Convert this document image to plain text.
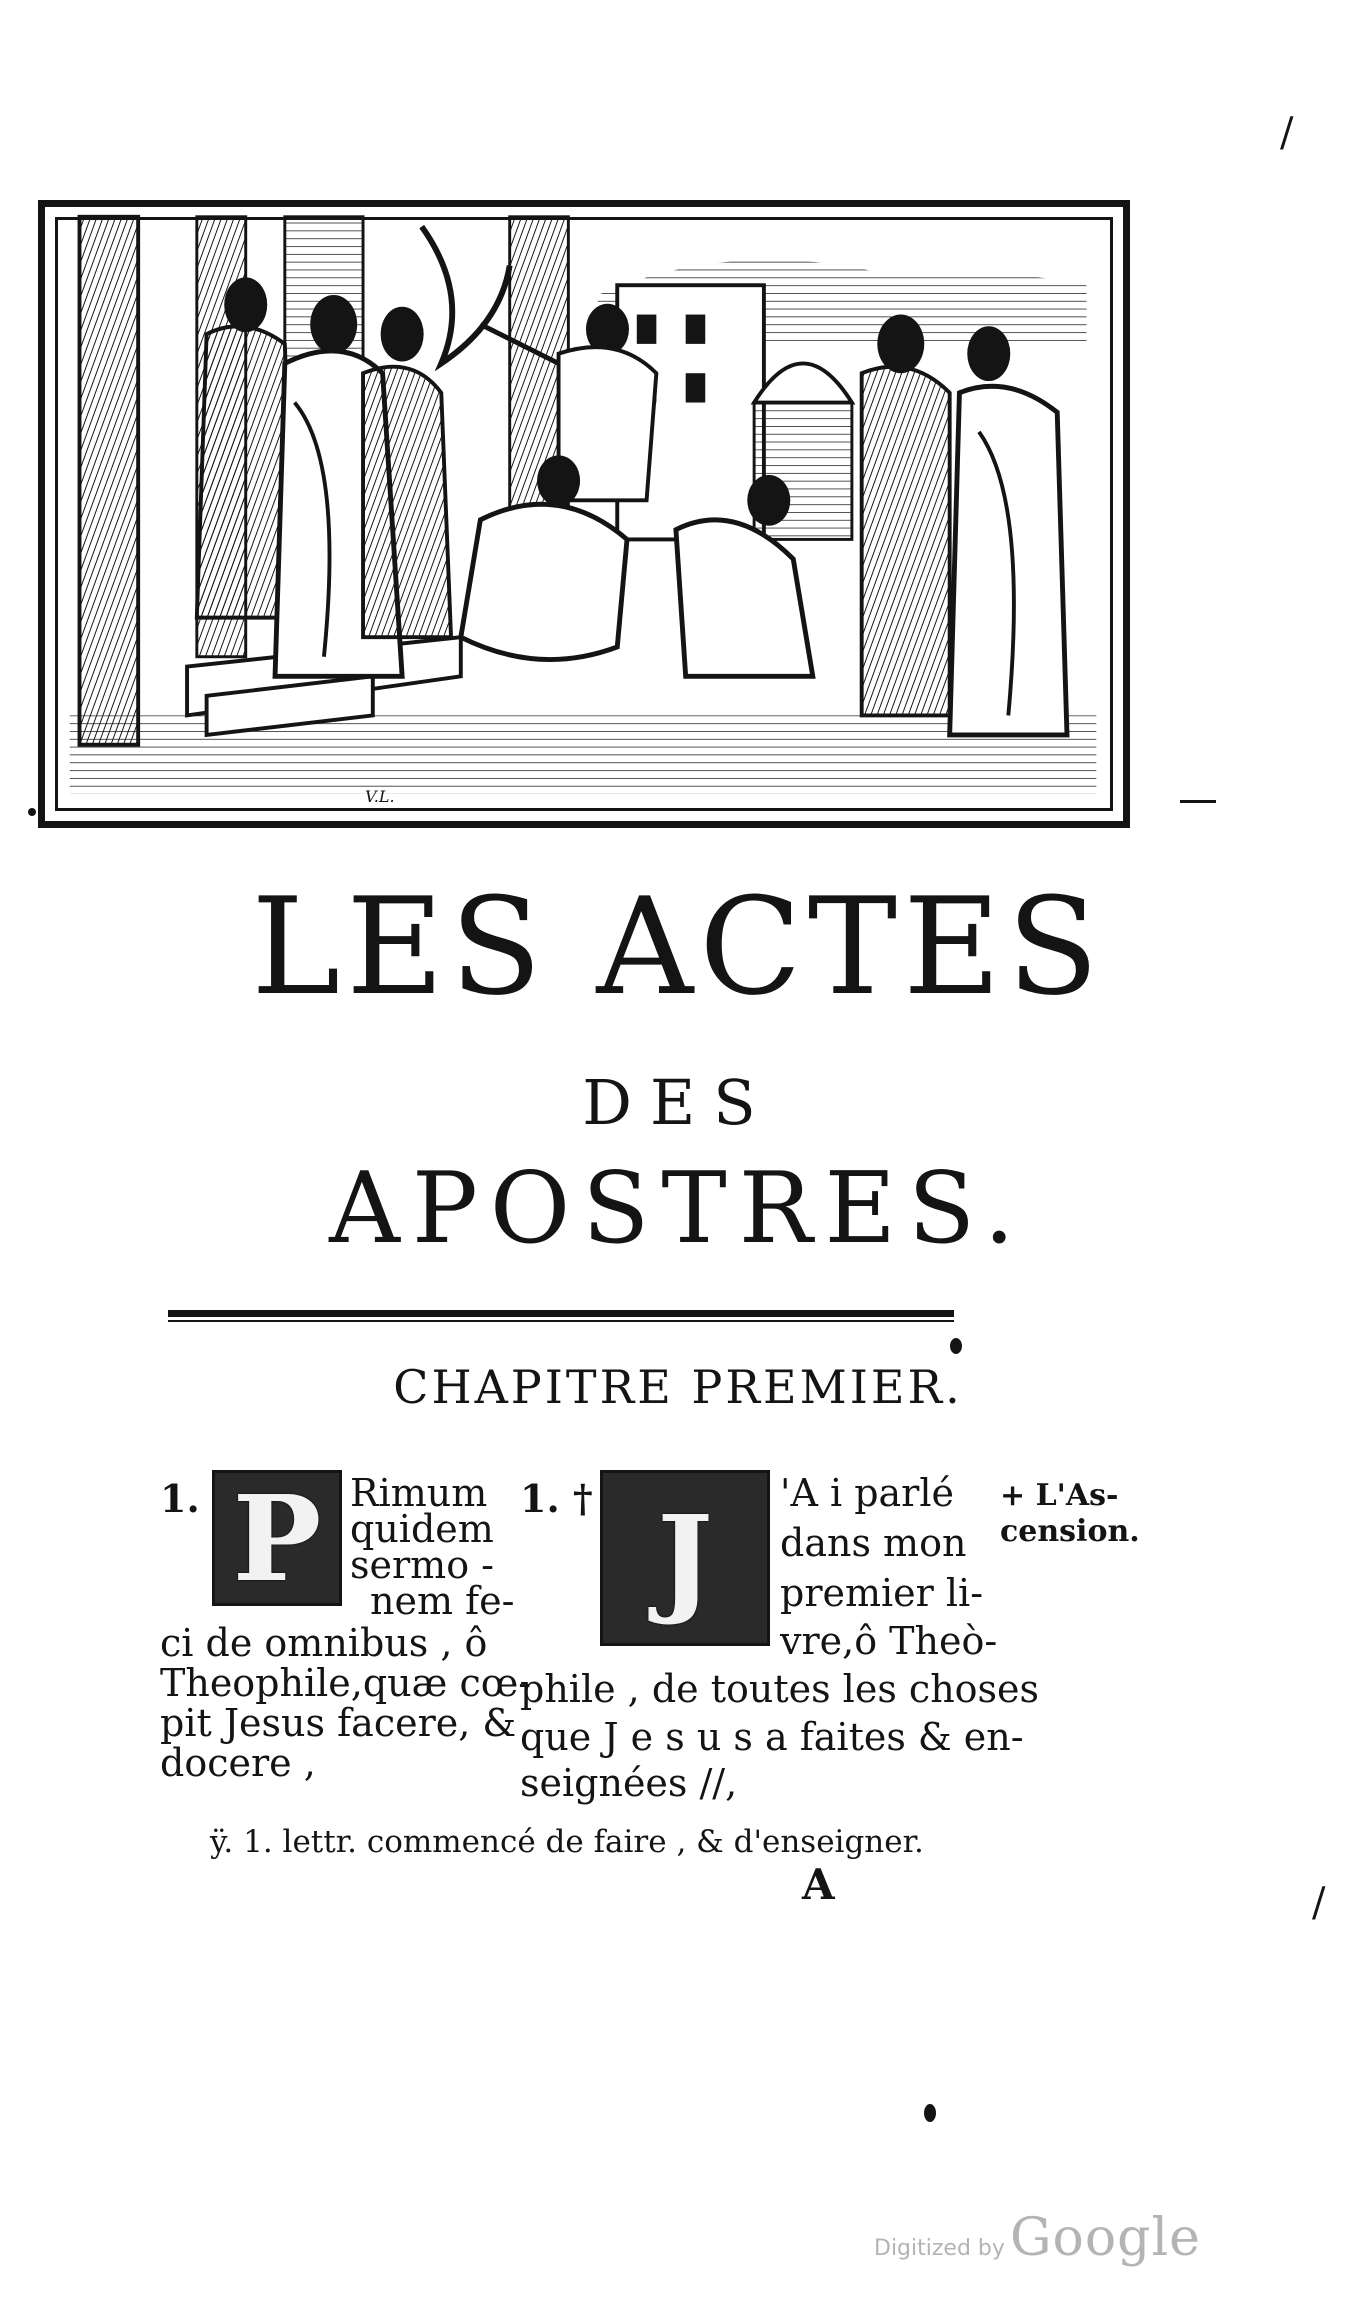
V.L.
LES ACTES
DES
APOSTRES.
CHAPITRE PREMIER.
1. P Rimum
quidem
sermo -
nem fe-
ci de omnibus , ô
Theophile,quæ cœ-
pit Jesus facere, &
docere ,
1. † J 'A i parlé
dans mon
premier li-
vre,ô Theò-
phile , de toutes les choses
que J e s u s a faites & en-
seignées //,
+ L'As-
cension.
ÿ. 1. lettr. commencé de faire , & d'enseigner.
A
/
/
Digitized by Google
